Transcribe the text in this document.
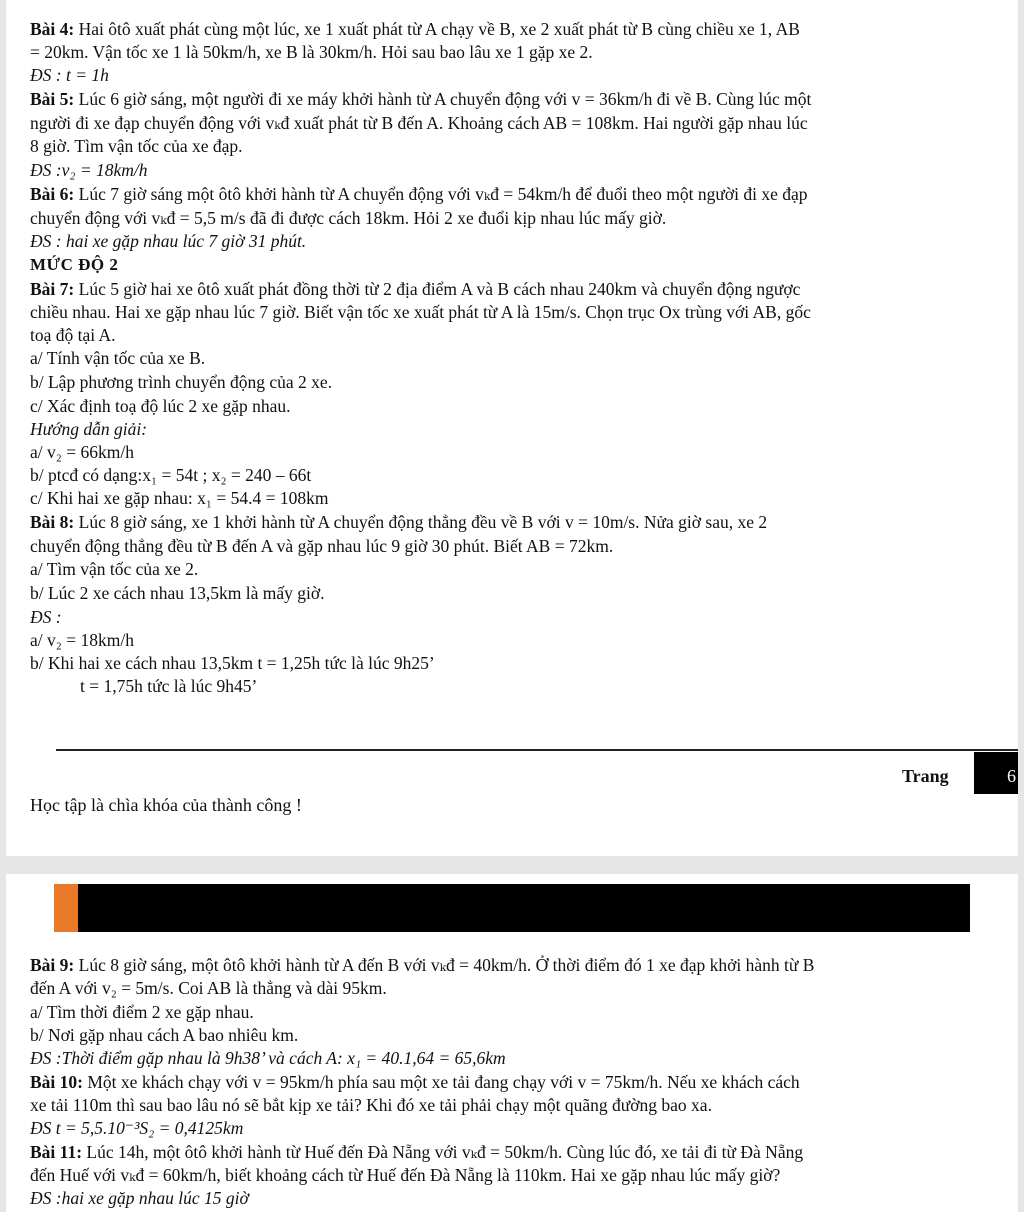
Bài 4: Hai ôtô xuất phát cùng một lúc, xe 1 xuất phát từ A chạy về B, xe 2 xuất phát từ B cùng chiều xe 1, AB
= 20km. Vận tốc xe 1 là 50km/h, xe B là 30km/h. Hỏi sau bao lâu xe 1 gặp xe 2.
ĐS : t = 1h
Bài 5: Lúc 6 giờ sáng, một người đi xe máy khởi hành từ A chuyển động với v = 36km/h đi về B. Cùng lúc một
người đi xe đạp chuyển động với vₖđ xuất phát từ B đến A. Khoảng cách AB = 108km. Hai người gặp nhau lúc
8 giờ. Tìm vận tốc của xe đạp.
ĐS :v₂ = 18km/h
Bài 6: Lúc 7 giờ sáng một ôtô khởi hành từ A chuyển động với vₖđ = 54km/h để đuổi theo một người đi xe đạp
chuyển động với vₖđ = 5,5 m/s đã đi được cách 18km. Hỏi 2 xe đuổi kịp nhau lúc mấy giờ.
ĐS : hai xe gặp nhau lúc 7 giờ 31 phút.
MỨC ĐỘ 2
Bài 7: Lúc 5 giờ hai xe ôtô xuất phát đồng thời từ 2 địa điểm A và B cách nhau 240km và chuyển động ngược
chiều nhau. Hai xe gặp nhau lúc 7 giờ. Biết vận tốc xe xuất phát từ A là 15m/s. Chọn trục Ox trùng với AB, gốc
toạ độ tại A.
a/ Tính vận tốc của xe B.
b/ Lập phương trình chuyển động của 2 xe.
c/ Xác định toạ độ lúc 2 xe gặp nhau.
Hướng dẫn giải:
a/ v₂ = 66km/h
b/ ptcđ có dạng:x₁ = 54t ; x₂ = 240 – 66t
c/ Khi hai xe gặp nhau: x₁ = 54.4 = 108km
Bài 8: Lúc 8 giờ sáng, xe 1 khởi hành từ A chuyển động thẳng đều về B với v = 10m/s. Nửa giờ sau, xe 2
chuyển động thẳng đều từ B đến A và gặp nhau lúc 9 giờ 30 phút. Biết AB = 72km.
a/ Tìm vận tốc của xe 2.
b/ Lúc 2 xe cách nhau 13,5km là mấy giờ.
ĐS :
a/ v₂ = 18km/h
b/ Khi hai xe cách nhau 13,5km t = 1,25h tức là lúc 9h25’
t = 1,75h tức là lúc 9h45’
Trang	6
Học tập là chìa khóa của thành công !
Bài 9: Lúc 8 giờ sáng, một ôtô khởi hành từ A đến B với vₖđ = 40km/h. Ở thời điểm đó 1 xe đạp khởi hành từ B
đến A với v₂ = 5m/s. Coi AB là thẳng và dài 95km.
a/ Tìm thời điểm 2 xe gặp nhau.
b/ Nơi gặp nhau cách A bao nhiêu km.
ĐS :Thời điểm gặp nhau là 9h38’ và cách A: x₁ = 40.1,64 = 65,6km
Bài 10: Một xe khách chạy với v = 95km/h phía sau một xe tải đang chạy với v = 75km/h. Nếu xe khách cách
xe tải 110m thì sau bao lâu nó sẽ bắt kịp xe tải? Khi đó xe tải phải chạy một quãng đường bao xa.
ĐS t = 5,5.10⁻³S₂ = 0,4125km
Bài 11: Lúc 14h, một ôtô khởi hành từ Huế đến Đà Nẵng với vₖđ = 50km/h. Cùng lúc đó, xe tải đi từ Đà Nẵng
đến Huế với vₖđ = 60km/h, biết khoảng cách từ Huế đến Đà Nẵng là 110km. Hai xe gặp nhau lúc mấy giờ?
ĐS :hai xe gặp nhau lúc 15 giờ
